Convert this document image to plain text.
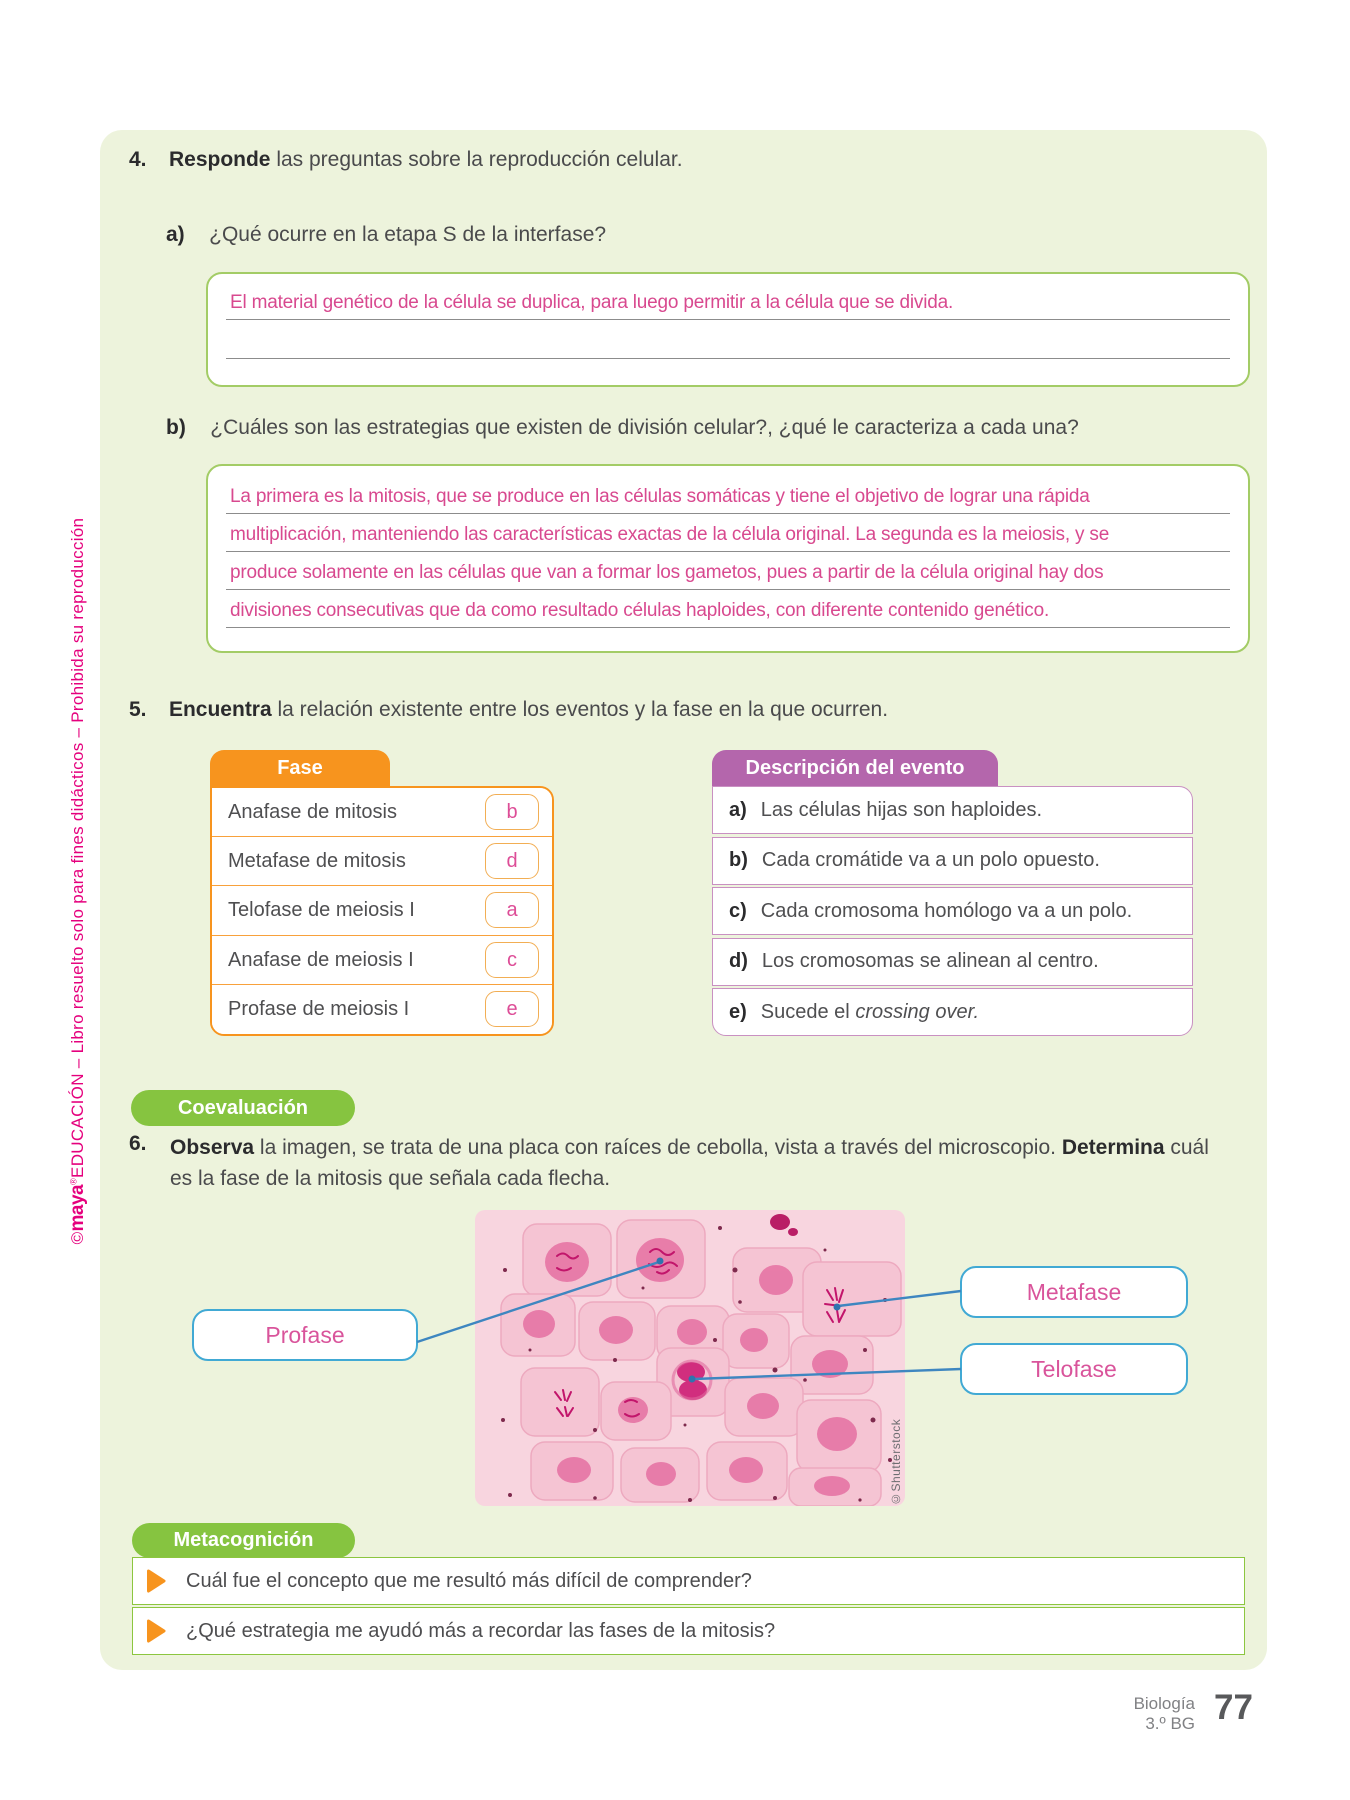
©maya®EDUCACIÓN – Libro resuelto solo para fines didácticos – Prohibida su reproducción
4. Responde las preguntas sobre la reproducción celular.
a) ¿Qué ocurre en la etapa S de la interfase?
El material genético de la célula se duplica, para luego permitir a la célula que se divida.
b) ¿Cuáles son las estrategias que existen de división celular?, ¿qué le caracteriza a cada una?
La primera es la mitosis, que se produce en las células somáticas y tiene el objetivo de lograr una rápida
multiplicación, manteniendo las características exactas de la célula original. La segunda es la meiosis, y se
produce solamente en las células que van a formar los gametos, pues a partir de la célula original hay dos
divisiones consecutivas que da como resultado células haploides, con diferente contenido genético.
5. Encuentra la relación existente entre los eventos y la fase en la que ocurren.
Fase
Anafase de mitosis	b
Metafase de mitosis	d
Telofase de meiosis I	a
Anafase de meiosis I	c
Profase de meiosis I	e
Descripción del evento
a) Las células hijas son haploides.
b) Cada cromátide va a un polo opuesto.
c) Cada cromosoma homólogo va a un polo.
d) Los cromosomas se alinean al centro.
e) Sucede el crossing over.
Coevaluación
6. Observa la imagen, se trata de una placa con raíces de cebolla, vista a través del microscopio. Determina cuál
es la fase de la mitosis que señala cada flecha.
©Shutterstock
Profase
Metafase
Telofase
Metacognición
Cuál fue el concepto que me resultó más difícil de comprender?
¿Qué estrategia me ayudó más a recordar las fases de la mitosis?
Biología
3.º BG 77
